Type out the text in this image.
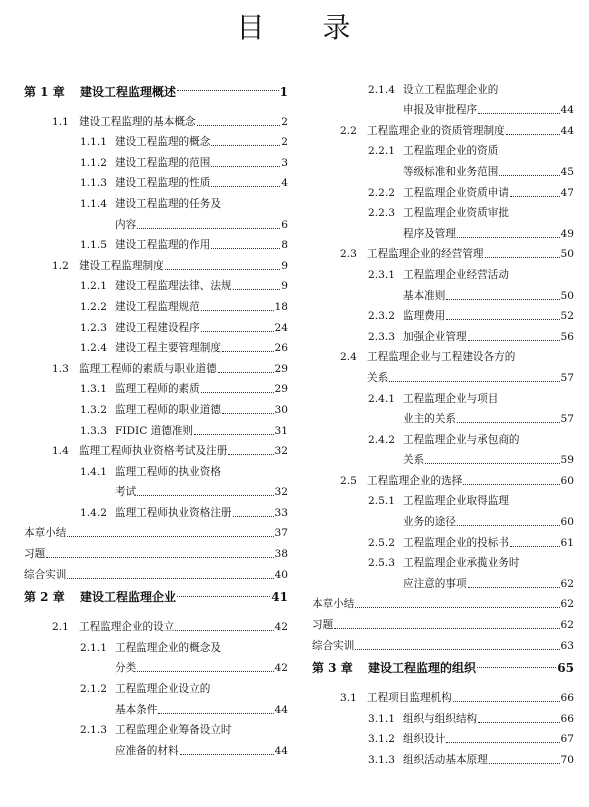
目 录
第 1 章	建设工程监理概述	1
1.1 建设工程监理的基本概念	2
1.1.1 建设工程监理的概念	2
1.1.2 建设工程监理的范围	3
1.1.3 建设工程监理的性质	4
1.1.4 建设工程监理的任务及
内容	6
1.1.5 建设工程监理的作用	8
1.2 建设工程监理制度	9
1.2.1 建设工程监理法律、法规	9
1.2.2 建设工程监理规范	18
1.2.3 建设工程建设程序	24
1.2.4 建设工程主要管理制度	26
1.3 监理工程师的素质与职业道德	29
1.3.1 监理工程师的素质	29
1.3.2 监理工程师的职业道德	30
1.3.3 FIDIC 道德准则	31
1.4 监理工程师执业资格考试及注册	32
1.4.1 监理工程师的执业资格
考试	32
1.4.2 监理工程师执业资格注册	33
本章小结	37
习题	38
综合实训	40
第 2 章	建设工程监理企业	41
2.1 工程监理企业的设立	42
2.1.1 工程监理企业的概念及
分类	42
2.1.2 工程监理企业设立的
基本条件	44
2.1.3 工程监理企业筹备设立时
应准备的材料	44
2.1.4 设立工程监理企业的
申报及审批程序	44
2.2 工程监理企业的资质管理制度	44
2.2.1 工程监理企业的资质
等级标准和业务范围	45
2.2.2 工程监理企业资质申请	47
2.2.3 工程监理企业资质审批
程序及管理	49
2.3 工程监理企业的经营管理	50
2.3.1 工程监理企业经营活动
基本准则	50
2.3.2 监理费用	52
2.3.3 加强企业管理	56
2.4 工程监理企业与工程建设各方的
关系	57
2.4.1 工程监理企业与项目
业主的关系	57
2.4.2 工程监理企业与承包商的
关系	59
2.5 工程监理企业的选择	60
2.5.1 工程监理企业取得监理
业务的途径	60
2.5.2 工程监理企业的投标书	61
2.5.3 工程监理企业承揽业务时
应注意的事项	62
本章小结	62
习题	62
综合实训	63
第 3 章	建设工程监理的组织	65
3.1 工程项目监理机构	66
3.1.1 组织与组织结构	66
3.1.2 组织设计	67
3.1.3 组织活动基本原理	70
